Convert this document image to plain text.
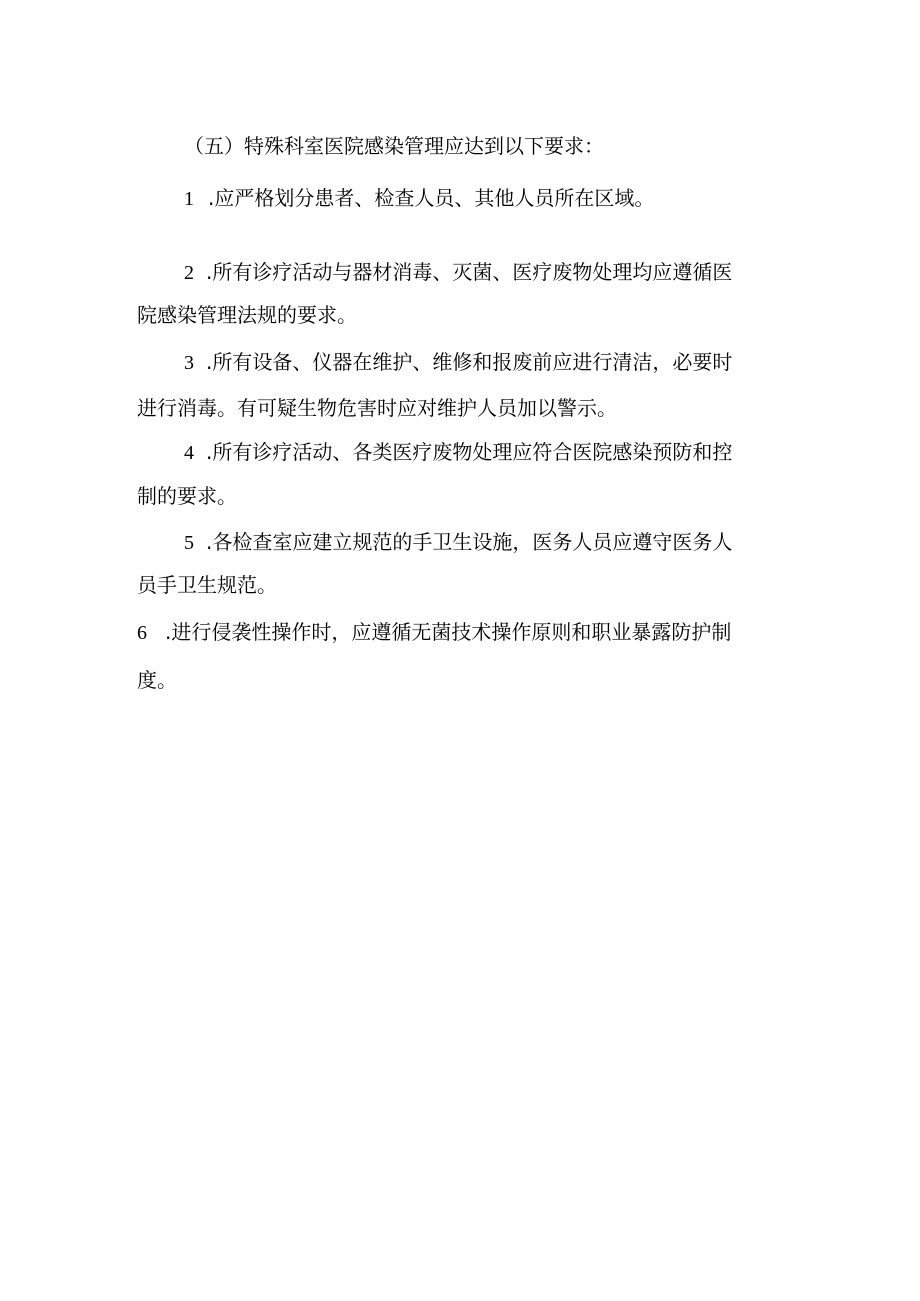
（五）特殊科室医院感染管理应达到以下要求：
1 .应严格划分患者、检查人员、其他人员所在区域。
2 .所有诊疗活动与器材消毒、灭菌、医疗废物处理均应遵循医
院感染管理法规的要求。
3 .所有设备、仪器在维护、维修和报废前应进行清洁，必要时
进行消毒。有可疑生物危害时应对维护人员加以警示。
4 .所有诊疗活动、各类医疗废物处理应符合医院感染预防和控
制的要求。
5 .各检查室应建立规范的手卫生设施，医务人员应遵守医务人
员手卫生规范。
6 .进行侵袭性操作时，应遵循无菌技术操作原则和职业暴露防护制
度。
